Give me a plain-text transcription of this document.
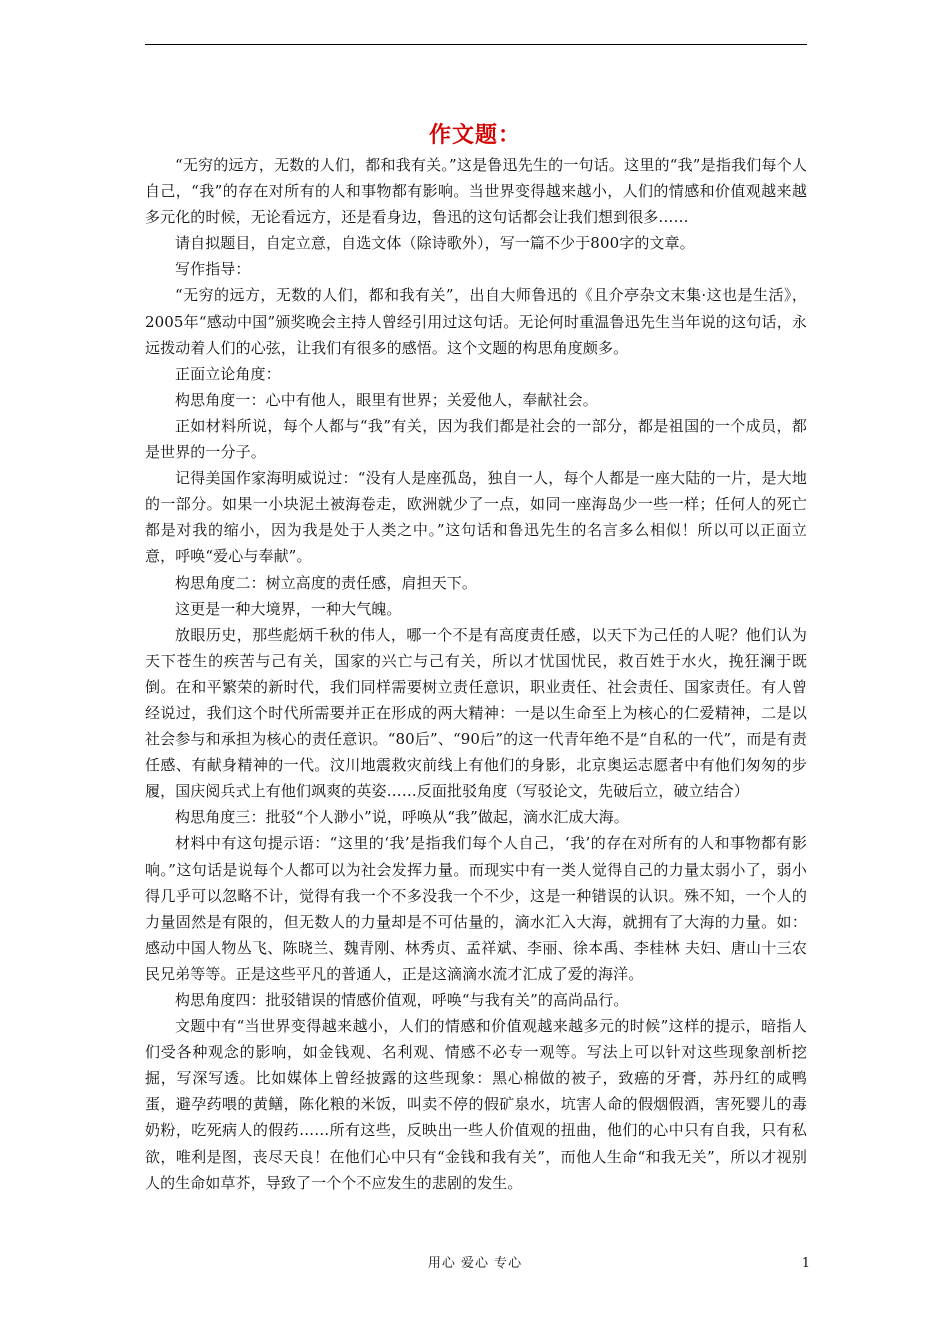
作文题：

“无穷的远方，无数的人们，都和我有关。”这是鲁迅先生的一句话。这里的“我”是指我们每个人自己，“我”的存在对所有的人和事物都有影响。当世界变得越来越小，人们的情感和价值观越来越多元化的时候，无论看远方，还是看身边，鲁迅的这句话都会让我们想到很多……

请自拟题目，自定立意，自选文体（除诗歌外），写一篇不少于800字的文章。

写作指导：

“无穷的远方，无数的人们，都和我有关”，出自大师鲁迅的《且介亭杂文末集·这也是生活》，2005年“感动中国”颁奖晚会主持人曾经引用过这句话。无论何时重温鲁迅先生当年说的这句话，永远拨动着人们的心弦，让我们有很多的感悟。这个文题的构思角度颇多。

正面立论角度：

构思角度一：心中有他人，眼里有世界；关爱他人，奉献社会。

正如材料所说，每个人都与“我”有关，因为我们都是社会的一部分，都是祖国的一个成员，都是世界的一分子。

记得美国作家海明威说过：“没有人是座孤岛，独自一人，每个人都是一座大陆的一片，是大地的一部分。如果一小块泥土被海卷走，欧洲就少了一点，如同一座海岛少一些一样；任何人的死亡都是对我的缩小，因为我是处于人类之中。”这句话和鲁迅先生的名言多么相似！所以可以正面立意，呼唤“爱心与奉献”。

构思角度二：树立高度的责任感，肩担天下。

这更是一种大境界，一种大气魄。

放眼历史，那些彪炳千秋的伟人，哪一个不是有高度责任感，以天下为己任的人呢？他们认为天下苍生的疾苦与己有关，国家的兴亡与己有关，所以才忧国忧民，救百姓于水火，挽狂澜于既倒。在和平繁荣的新时代，我们同样需要树立责任意识，职业责任、社会责任、国家责任。有人曾经说过，我们这个时代所需要并正在形成的两大精神：一是以生命至上为核心的仁爱精神，二是以社会参与和承担为核心的责任意识。“80后”、“90后”的这一代青年绝不是“自私的一代”，而是有责任感、有献身精神的一代。汶川地震救灾前线上有他们的身影，北京奥运志愿者中有他们匆匆的步履，国庆阅兵式上有他们飒爽的英姿……反面批驳角度（写驳论文，先破后立，破立结合）

构思角度三：批驳“个人渺小”说，呼唤从“我”做起，滴水汇成大海。

材料中有这句提示语：“这里的‘我’是指我们每个人自己，‘我’的存在对所有的人和事物都有影响。”这句话是说每个人都可以为社会发挥力量。而现实中有一类人觉得自己的力量太弱小了，弱小得几乎可以忽略不计，觉得有我一个不多没我一个不少，这是一种错误的认识。殊不知，一个人的力量固然是有限的，但无数人的力量却是不可估量的，滴水汇入大海，就拥有了大海的力量。如：感动中国人物丛飞、陈晓兰、魏青刚、林秀贞、孟祥斌、李丽、徐本禹、李桂林 夫妇、唐山十三农民兄弟等等。正是这些平凡的普通人，正是这滴滴水流才汇成了爱的海洋。

构思角度四：批驳错误的情感价值观，呼唤“与我有关”的高尚品行。

文题中有“当世界变得越来越小，人们的情感和价值观越来越多元的时候”这样的提示，暗指人们受各种观念的影响，如金钱观、名利观、情感不必专一观等。写法上可以针对这些现象剖析挖掘，写深写透。比如媒体上曾经披露的这些现象：黑心棉做的被子，致癌的牙膏，苏丹红的咸鸭蛋，避孕药喂的黄鳝，陈化粮的米饭，叫卖不停的假矿泉水，坑害人命的假烟假酒，害死婴儿的毒奶粉，吃死病人的假药……所有这些，反映出一些人价值观的扭曲，他们的心中只有自我，只有私欲，唯利是图，丧尽天良！在他们心中只有“金钱和我有关”，而他人生命“和我无关”，所以才视别人的生命如草芥，导致了一个个不应发生的悲剧的发生。

用心 爱心 专心	1
